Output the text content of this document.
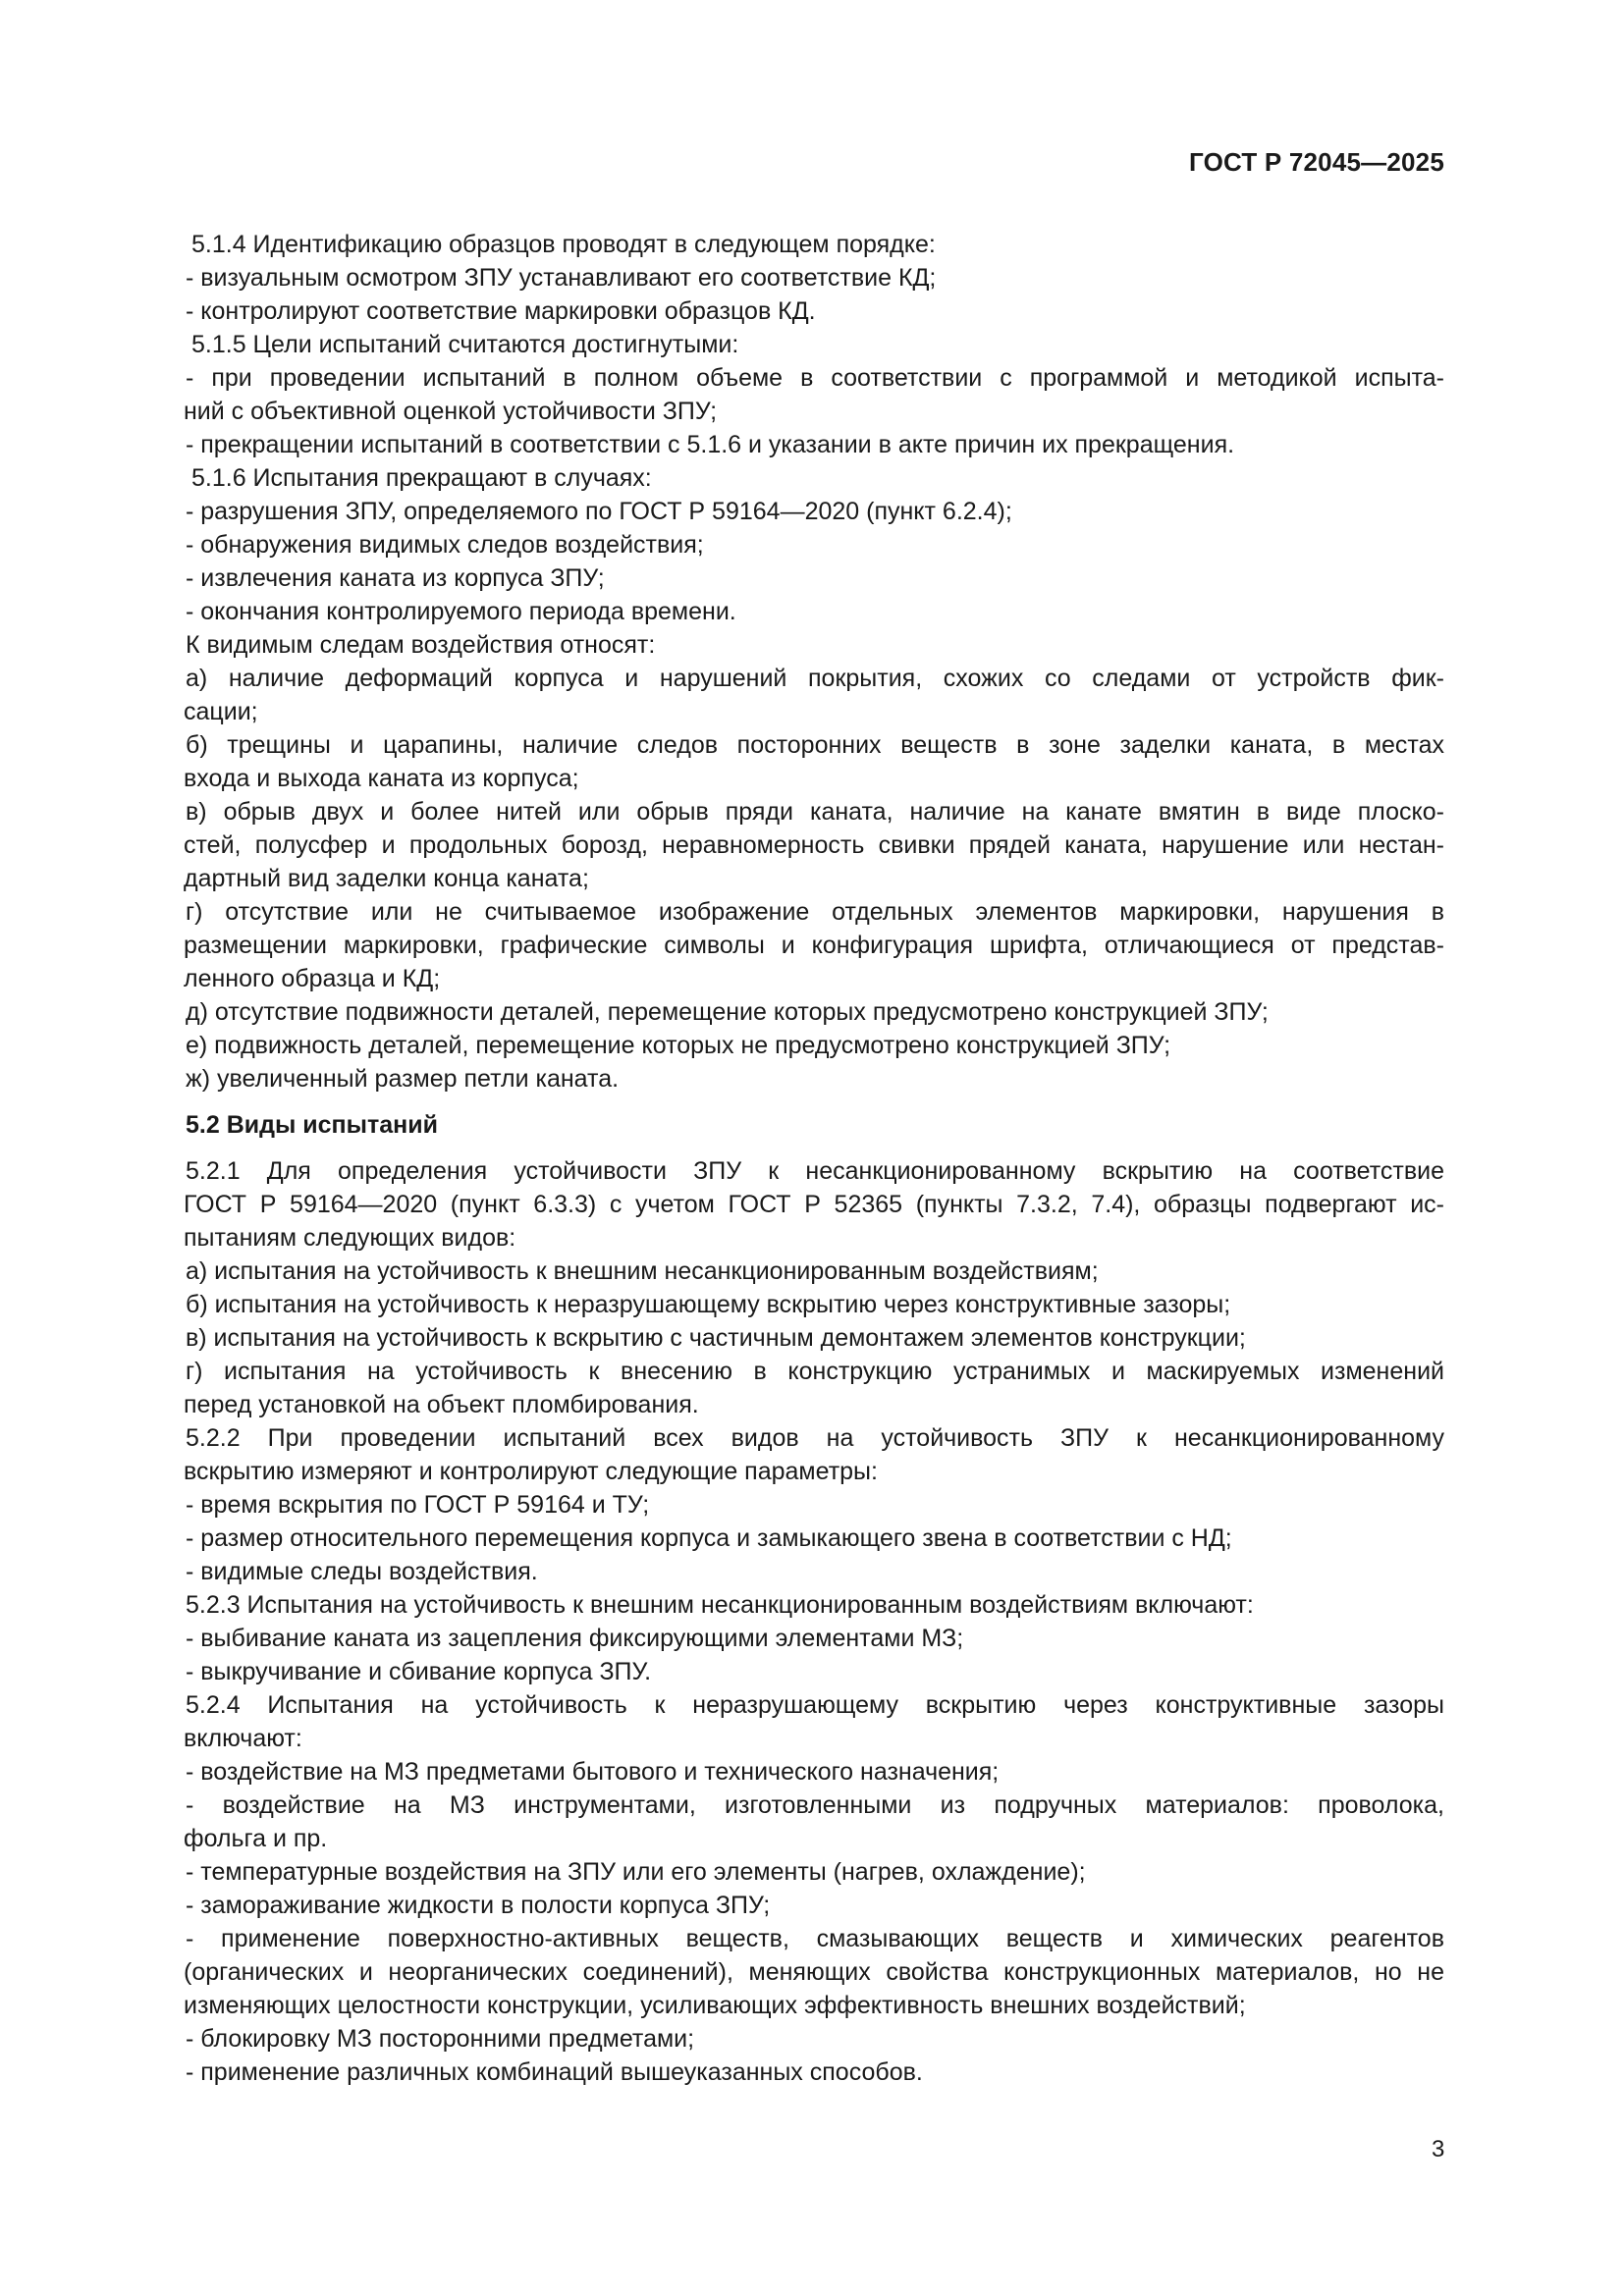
ГОСТ Р 72045—2025
5.1.4 Идентификацию образцов проводят в следующем порядке:
- визуальным осмотром ЗПУ устанавливают его соответствие КД;
- контролируют соответствие маркировки образцов КД.
5.1.5 Цели испытаний считаются достигнутыми:
- при проведении испытаний в полном объеме в соответствии с программой и методикой испыта-
ний с объективной оценкой устойчивости ЗПУ;
- прекращении испытаний в соответствии с 5.1.6 и указании в акте причин их прекращения.
5.1.6 Испытания прекращают в случаях:
- разрушения ЗПУ, определяемого по ГОСТ Р 59164—2020 (пункт 6.2.4);
- обнаружения видимых следов воздействия;
- извлечения каната из корпуса ЗПУ;
- окончания контролируемого периода времени.
К видимым следам воздействия относят:
а) наличие деформаций корпуса и нарушений покрытия, схожих со следами от устройств фик-
сации;
б) трещины и царапины, наличие следов посторонних веществ в зоне заделки каната, в местах
входа и выхода каната из корпуса;
в) обрыв двух и более нитей или обрыв пряди каната, наличие на канате вмятин в виде плоско-
стей, полусфер и продольных борозд, неравномерность свивки прядей каната, нарушение или нестан-
дартный вид заделки конца каната;
г) отсутствие или не считываемое изображение отдельных элементов маркировки, нарушения в
размещении маркировки, графические символы и конфигурация шрифта, отличающиеся от представ-
ленного образца и КД;
д) отсутствие подвижности деталей, перемещение которых предусмотрено конструкцией ЗПУ;
е) подвижность деталей, перемещение которых не предусмотрено конструкцией ЗПУ;
ж) увеличенный размер петли каната.
5.2 Виды испытаний
5.2.1 Для определения устойчивости ЗПУ к несанкционированному вскрытию на соответствие
ГОСТ Р 59164—2020 (пункт 6.3.3) с учетом ГОСТ Р 52365 (пункты 7.3.2, 7.4), образцы подвергают ис-
пытаниям следующих видов:
а) испытания на устойчивость к внешним несанкционированным воздействиям;
б) испытания на устойчивость к неразрушающему вскрытию через конструктивные зазоры;
в) испытания на устойчивость к вскрытию с частичным демонтажем элементов конструкции;
г) испытания на устойчивость к внесению в конструкцию устранимых и маскируемых изменений
перед установкой на объект пломбирования.
5.2.2 При проведении испытаний всех видов на устойчивость ЗПУ к несанкционированному
вскрытию измеряют и контролируют следующие параметры:
- время вскрытия по ГОСТ Р 59164 и ТУ;
- размер относительного перемещения корпуса и замыкающего звена в соответствии с НД;
- видимые следы воздействия.
5.2.3 Испытания на устойчивость к внешним несанкционированным воздействиям включают:
- выбивание каната из зацепления фиксирующими элементами МЗ;
- выкручивание и сбивание корпуса ЗПУ.
5.2.4 Испытания на устойчивость к неразрушающему вскрытию через конструктивные зазоры
включают:
- воздействие на МЗ предметами бытового и технического назначения;
- воздействие на МЗ инструментами, изготовленными из подручных материалов: проволока,
фольга и пр.
- температурные воздействия на ЗПУ или его элементы (нагрев, охлаждение);
- замораживание жидкости в полости корпуса ЗПУ;
- применение поверхностно-активных веществ, смазывающих веществ и химических реагентов
(органических и неорганических соединений), меняющих свойства конструкционных материалов, но не
изменяющих целостности конструкции, усиливающих эффективность внешних воздействий;
- блокировку МЗ посторонними предметами;
- применение различных комбинаций вышеуказанных способов.
3
